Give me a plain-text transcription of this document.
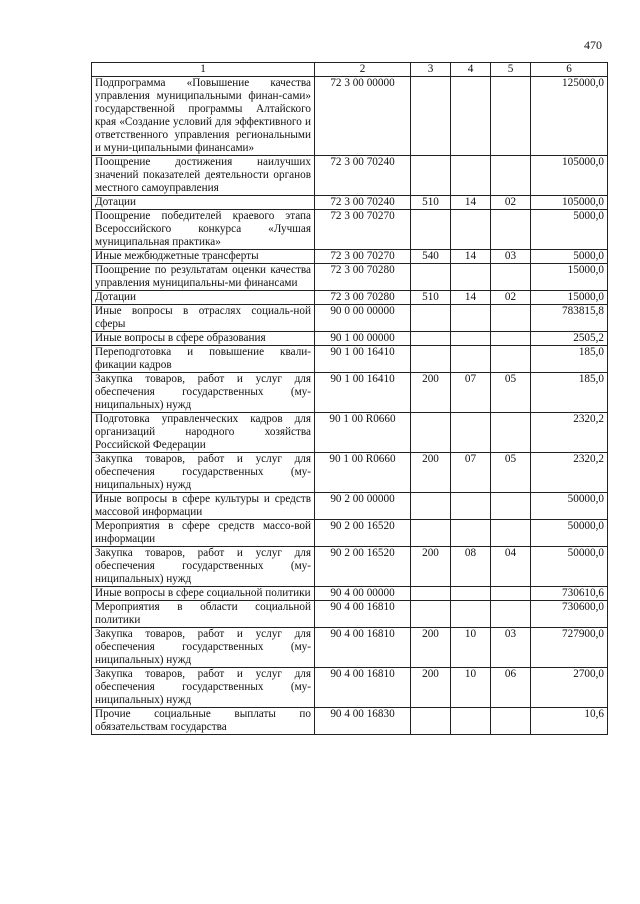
470
1	2	3	4	5	6
Подпрограмма «Повышение качества управления муниципальными финан-сами» государственной программы Алтайского края «Создание условий для эффективного и ответственного управления региональными и муни-ципальными финансами»	72 3 00 00000				125000,0
Поощрение достижения наилучших значений показателей деятельности органов местного самоуправления	72 3 00 70240				105000,0
Дотации	72 3 00 70240	510	14	02	105000,0
Поощрение победителей краевого этапа Всероссийского конкурса «Лучшая муниципальная практика»	72 3 00 70270				5000,0
Иные межбюджетные трансферты	72 3 00 70270	540	14	03	5000,0
Поощрение по результатам оценки качества управления муниципальны-ми финансами	72 3 00 70280				15000,0
Дотации	72 3 00 70280	510	14	02	15000,0
Иные вопросы в отраслях социаль-ной сферы	90 0 00 00000				783815,8
Иные вопросы в сфере образования	90 1 00 00000				2505,2
Переподготовка и повышение квали-фикации кадров	90 1 00 16410				185,0
Закупка товаров, работ и услуг для обеспечения государственных (му-ниципальных) нужд	90 1 00 16410	200	07	05	185,0
Подготовка управленческих кадров для организаций народного хозяйства Российской Федерации	90 1 00 R0660				2320,2
Закупка товаров, работ и услуг для обеспечения государственных (му-ниципальных) нужд	90 1 00 R0660	200	07	05	2320,2
Иные вопросы в сфере культуры и средств массовой информации	90 2 00 00000				50000,0
Мероприятия в сфере средств массо-вой информации	90 2 00 16520				50000,0
Закупка товаров, работ и услуг для обеспечения государственных (му-ниципальных) нужд	90 2 00 16520	200	08	04	50000,0
Иные вопросы в сфере социальной политики	90 4 00 00000				730610,6
Мероприятия в области социальной политики	90 4 00 16810				730600,0
Закупка товаров, работ и услуг для обеспечения государственных (му-ниципальных) нужд	90 4 00 16810	200	10	03	727900,0
Закупка товаров, работ и услуг для обеспечения государственных (му-ниципальных) нужд	90 4 00 16810	200	10	06	2700,0
Прочие социальные выплаты по обязательствам государства	90 4 00 16830				10,6
